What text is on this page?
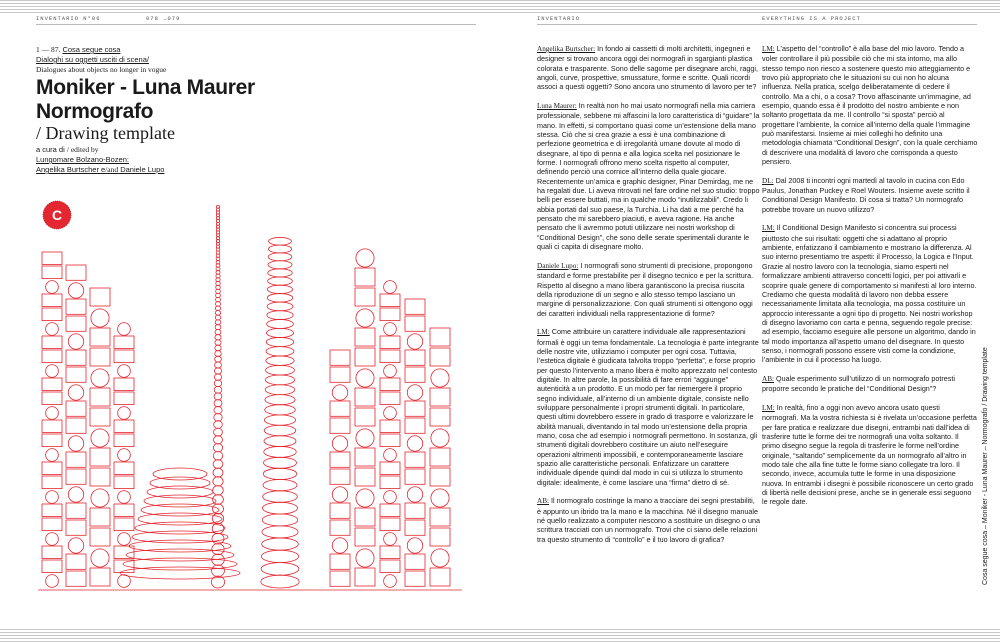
INVENTARIO N°06	078 →079
1 — 87. Cosa segue cosa
Dialoghi su oggetti usciti di scena/
Dialogues about objects no longer in vogue
Moniker - Luna Maurer
Normografo
/ Drawing template
a cura di / edited by
Lungomare Bolzano-Bozen:
Angelika Burtscher e/and Daniele Lupo
C
INVENTARIO	EVERYTHING IS A PROJECT
Angelika Burtscher: In fondo ai cassetti di molti architetti, ingegneri e designer si trovano ancora oggi dei normografi in sgargianti plastica colorata e trasparente. Sono delle sagome per disegnare archi, raggi, angoli, curve, prospettive, smussature, forme e scritte. Quali ricordi associ a questi oggetti? Sono ancora uno strumento di lavoro per te?
Luna Maurer: In realtà non ho mai usato normografi nella mia carriera professionale, sebbene mi affascini la loro caratteristica di “guidare” la mano. In effetti, si comportano quasi come un’estensione della mano stessa. Ciò che si crea grazie a essi è una combinazione di perfezione geometrica e di irregolarità umane dovute al modo di disegnare, al tipo di penna e alla logica scelta nel posizionare le forme. I normografi offrono meno scelta rispetto al computer, definendo perciò una cornice all’interno della quale giocare. Recentemente un’amica e graphic designer, Pinar Demirdag, me ne ha regalati due. Li aveva ritrovati nel fare ordine nel suo studio: troppo belli per essere buttati, ma in qualche modo “inutilizzabili”. Credo li abbia portati dal suo paese, la Turchia. Li ha dati a me perché ha pensato che mi sarebbero piaciuti, e aveva ragione. Ha anche pensato che li avremmo potuti utilizzare nei nostri workshop di “Conditional Design”, che sono delle serate sperimentali durante le quali ci capita di disegnare molto.
Daniele Lupo: I normografi sono strumenti di precisione, propongono standard e forme prestabilite per il disegno tecnico e per la scrittura. Rispetto al disegno a mano libera garantiscono la precisa riuscita della riproduzione di un segno e allo stesso tempo lasciano un margine di personalizzazione. Con quali strumenti si ottengono oggi dei caratteri individuali nella rappresentazione di forme?
LM: Come attribuire un carattere individuale alle rappresentazioni formali è oggi un tema fondamentale. La tecnologia è parte integrante delle nostre vite, utilizziamo i computer per ogni cosa. Tuttavia, l’estetica digitale è giudicata talvolta troppo “perfetta”, e forse proprio per questo l’intervento a mano libera è molto apprezzato nel contesto digitale. In altre parole, la possibilità di fare errori “aggiunge” autenticità a un prodotto. E un modo per far riemergere il proprio segno individuale, all’interno di un ambiente digitale, consiste nello sviluppare personalmente i propri strumenti digitali. In particolare, questi ultimi dovrebbero essere in grado di trasporre e valorizzare le abilità manuali, diventando in tal modo un’estensione della propria mano, cosa che ad esempio i normografi permettono. In sostanza, gli strumenti digitali dovrebbero costituire un aiuto nell’eseguire operazioni altrimenti impossibili, e contemporaneamente lasciare spazio alle caratteristiche personali. Enfatizzare un carattere individuale dipende quindi dal modo in cui si utilizza lo strumento digitale: idealmente, è come lasciare una “firma” dietro di sé.
AB: Il normografo costringe la mano a tracciare dei segni prestabiliti, è appunto un ibrido tra la mano e la macchina. Né il disegno manuale né quello realizzato a computer riescono a sostituire un disegno o una scrittura tracciati con un normografo. Trovi che ci siano delle relazioni tra questo strumento di “controllo” e il tuo lavoro di grafica?
LM: L’aspetto del “controllo” è alla base del mio lavoro. Tendo a voler controllare il più possibile ciò che mi sta intorno, ma allo stesso tempo non riesco a sostenere questo mio atteggiamento e trovo più appropriato che le situazioni su cui non ho alcuna influenza. Nella pratica, scelgo deliberatamente di cedere il controllo. Ma a chi, o a cosa? Trovo affascinante un’immagine, ad esempio, quando essa è il prodotto del nostro ambiente e non soltanto progettata da me. Il controllo “si sposta” perciò al progettare l’ambiente, la cornice all’interno della quale l’immagine può manifestarsi. Insieme ai miei colleghi ho definito una metodologia chiamata “Conditional Design”, con la quale cerchiamo di descrivere una modalità di lavoro che corrisponda a questo pensiero.
DL: Dal 2008 ti incontri ogni martedì al tavolo in cucina con Edo Paulus, Jonathan Puckey e Roel Wouters. Insieme avete scritto il Conditional Design Manifesto. Di cosa si tratta? Un normografo potrebbe trovare un nuovo utilizzo?
LM: Il Conditional Design Manifesto si concentra sui processi piuttosto che sui risultati: oggetti che si adattano al proprio ambiente, enfatizzano il cambiamento e mostrano la differenza. Al suo interno presentiamo tre aspetti: il Processo, la Logica e l’Input. Grazie al nostro lavoro con la tecnologia, siamo esperti nel formalizzare ambienti attraverso concetti logici, per poi attivarli e scoprire quale genere di comportamento si manifesti al loro interno. Crediamo che questa modalità di lavoro non debba essere necessariamente limitata alla tecnologia, ma possa costituire un approccio interessante a ogni tipo di progetto. Nei nostri workshop di disegno lavoriamo con carta e penna, seguendo regole precise: ad esempio, facciamo eseguire alle persone un algoritmo, dando in tal modo importanza all’aspetto umano del disegnare. In questo senso, i normografi possono essere visti come la condizione, l’ambiente in cui il processo ha luogo.
AB: Quale esperimento sull’utilizzo di un normografo potresti proporre secondo le pratiche del “Conditional Design”?
LM: In realtà, fino a oggi non avevo ancora usato questi normografi. Ma la vostra richiesta si è rivelata un’occasione perfetta per fare pratica e realizzare due disegni, entrambi nati dall’idea di trasferire tutte le forme dei tre normografi una volta soltanto. Il primo disegno segue la regola di trasferire le forme nell’ordine originale, “saltando” semplicemente da un normografo all’altro in modo tale che alla fine tutte le forme siano collegate tra loro. Il secondo, invece, accumula tutte le forme in una disposizione nuova. In entrambi i disegni è possibile riconoscere un certo grado di libertà nelle decisioni prese, anche se in generale essi seguono le regole date.	Cosa segue cosa – Moniker - Luna Maurer – Normografo / Drawing template
